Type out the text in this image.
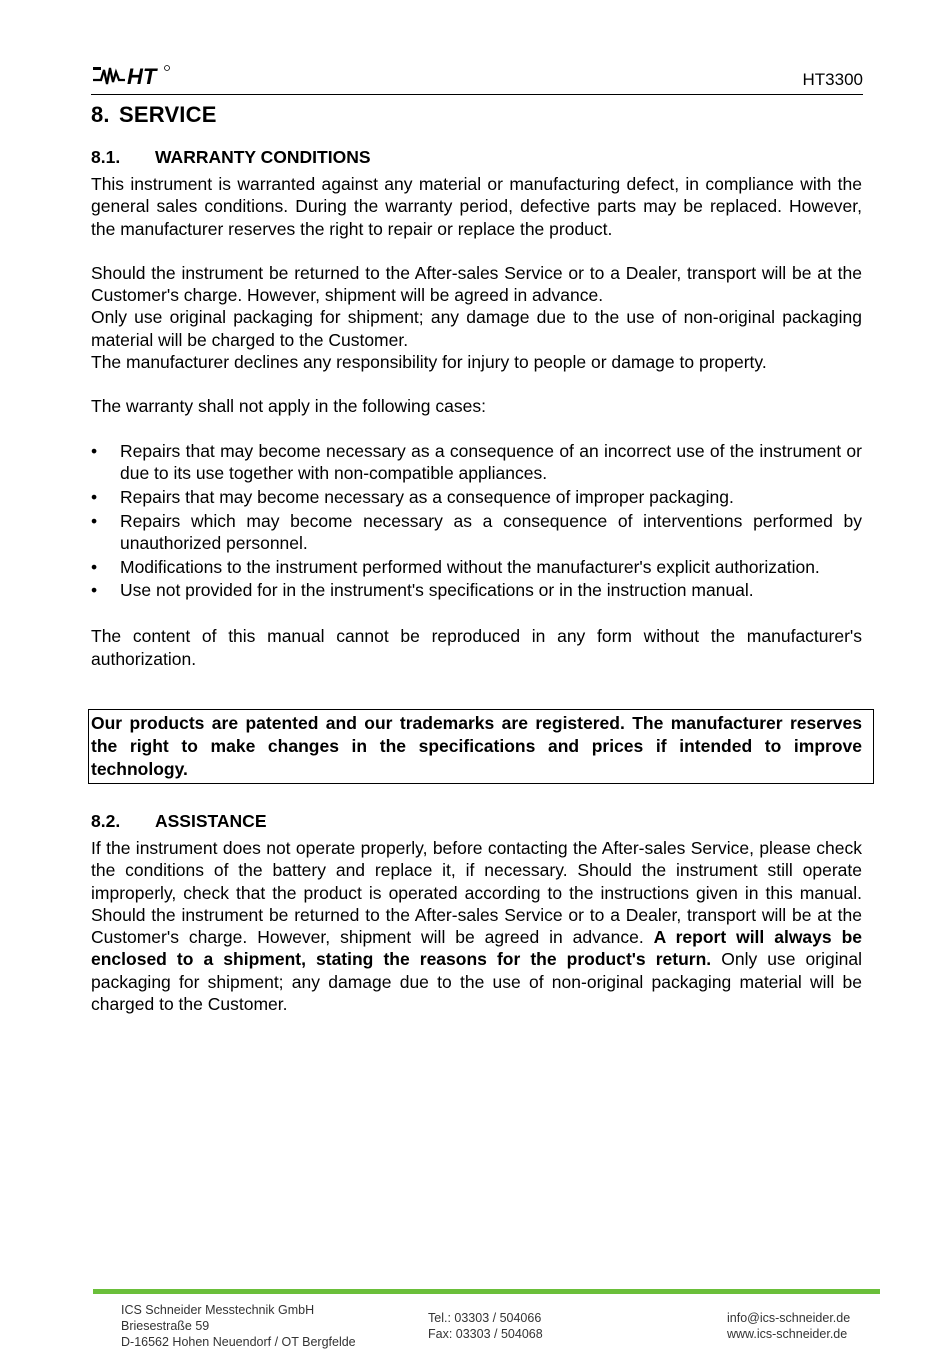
HT	HT3300
8. SERVICE
8.1. WARRANTY CONDITIONS

This instrument is warranted against any material or manufacturing defect, in compliance with the general sales conditions. During the warranty period, defective parts may be replaced. However, the manufacturer reserves the right to repair or replace the product.

Should the instrument be returned to the After-sales Service or to a Dealer, transport will be at the Customer's charge. However, shipment will be agreed in advance.

Only use original packaging for shipment; any damage due to the use of non-original packaging material will be charged to the Customer.

The manufacturer declines any responsibility for injury to people or damage to property.

The warranty shall not apply in the following cases:

• Repairs that may become necessary as a consequence of an incorrect use of the instrument or due to its use together with non-compatible appliances.
• Repairs that may become necessary as a consequence of improper packaging.
• Repairs which may become necessary as a consequence of interventions performed by unauthorized personnel.
• Modifications to the instrument performed without the manufacturer's explicit authorization.
• Use not provided for in the instrument's specifications or in the instruction manual.

The content of this manual cannot be reproduced in any form without the manufacturer's authorization.

Our products are patented and our trademarks are registered. The manufacturer reserves the right to make changes in the specifications and prices if intended to improve technology.

8.2. ASSISTANCE

If the instrument does not operate properly, before contacting the After-sales Service, please check the conditions of the battery and replace it, if necessary. Should the instrument still operate improperly, check that the product is operated according to the instructions given in this manual. Should the instrument be returned to the After-sales Service or to a Dealer, transport will be at the Customer's charge. However, shipment will be agreed in advance. A report will always be enclosed to a shipment, stating the reasons for the product's return. Only use original packaging for shipment; any damage due to the use of non-original packaging material will be charged to the Customer.

ICS Schneider Messtechnik GmbH
Briesestraße 59
D-16562 Hohen Neuendorf / OT Bergfelde
Tel.: 03303 / 504066
Fax: 03303 / 504068
info@ics-schneider.de
www.ics-schneider.de
